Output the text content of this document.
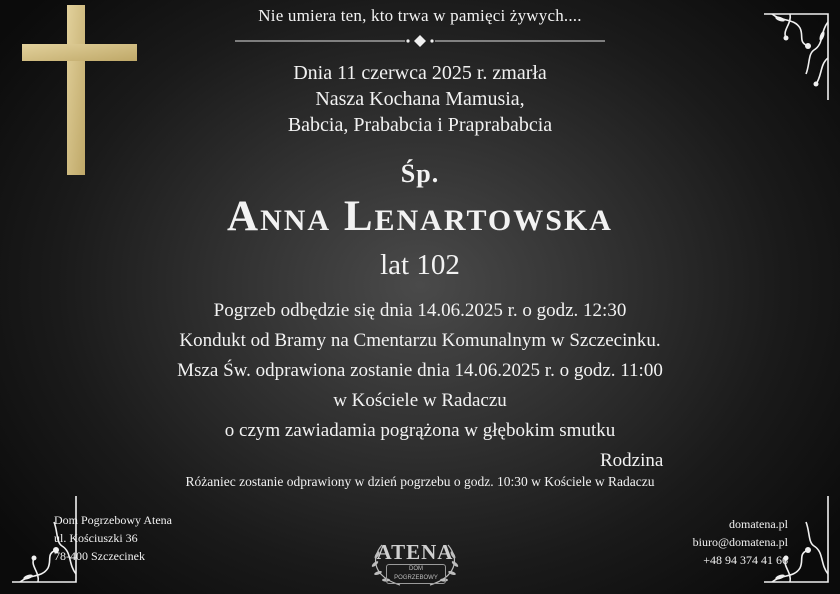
Nie umiera ten, kto trwa w pamięci żywych....
Dnia 11 czerwca 2025 r. zmarła
Nasza Kochana Mamusia,
Babcia, Prababcia i Praprababcia
Śp.
Anna Lenartowska
lat 102
Pogrzeb odbędzie się dnia 14.06.2025 r. o godz. 12:30
Kondukt od Bramy na Cmentarzu Komunalnym w Szczecinku.
Msza Św. odprawiona zostanie dnia 14.06.2025 r. o godz. 11:00
w Kościele w Radaczu
o czym zawiadamia pogrążona w głębokim smutku
Rodzina
Różaniec zostanie odprawiony w dzień pogrzebu o godz. 10:30 w Kościele w Radaczu
Dom Pogrzebowy Atena
ul. Kościuszki 36
78-400 Szczecinek	ATENA
DOM POGRZEBOWY
domatena.pl
biuro@domatena.pl
+48 94 374 41 66
